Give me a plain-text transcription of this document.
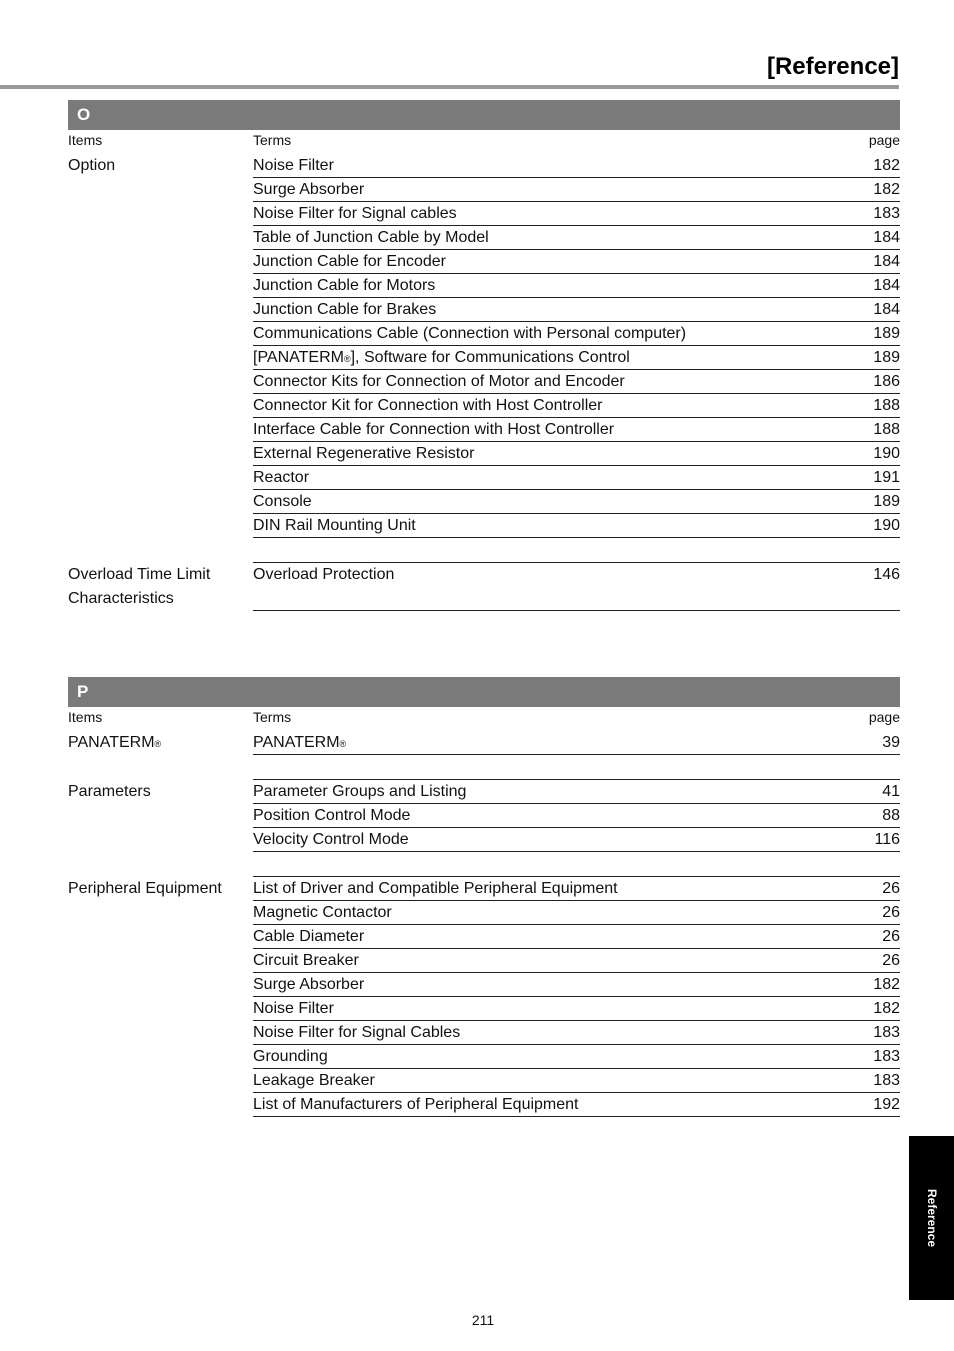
[Reference]
O
Items	Terms	page
Option	Noise Filter	182
Surge Absorber	182
Noise Filter for Signal cables	183
Table of Junction Cable by Model	184
Junction Cable for Encoder	184
Junction Cable for Motors	184
Junction Cable for Brakes	184
Communications Cable (Connection with Personal computer)	189
[PANATERM®], Software for Communications Control	189
Connector Kits for Connection of Motor and Encoder	186
Connector Kit for Connection with Host Controller	188
Interface Cable for Connection with Host Controller	188
External Regenerative Resistor	190
Reactor	191
Console	189
DIN Rail Mounting Unit	190
Overload Time Limit
Characteristics
Overload Protection	146
P
Items	Terms	page
PANATERM®	PANATERM®	39
Parameters	Parameter Groups and Listing	41
Position Control Mode	88
Velocity Control Mode	116
Peripheral Equipment	List of Driver and Compatible Peripheral Equipment	26
Magnetic Contactor	26
Cable Diameter	26
Circuit Breaker	26
Surge Absorber	182
Noise Filter	182
Noise Filter for Signal Cables	183
Grounding	183
Leakage Breaker	183
List of Manufacturers of Peripheral Equipment	192
Reference
211
